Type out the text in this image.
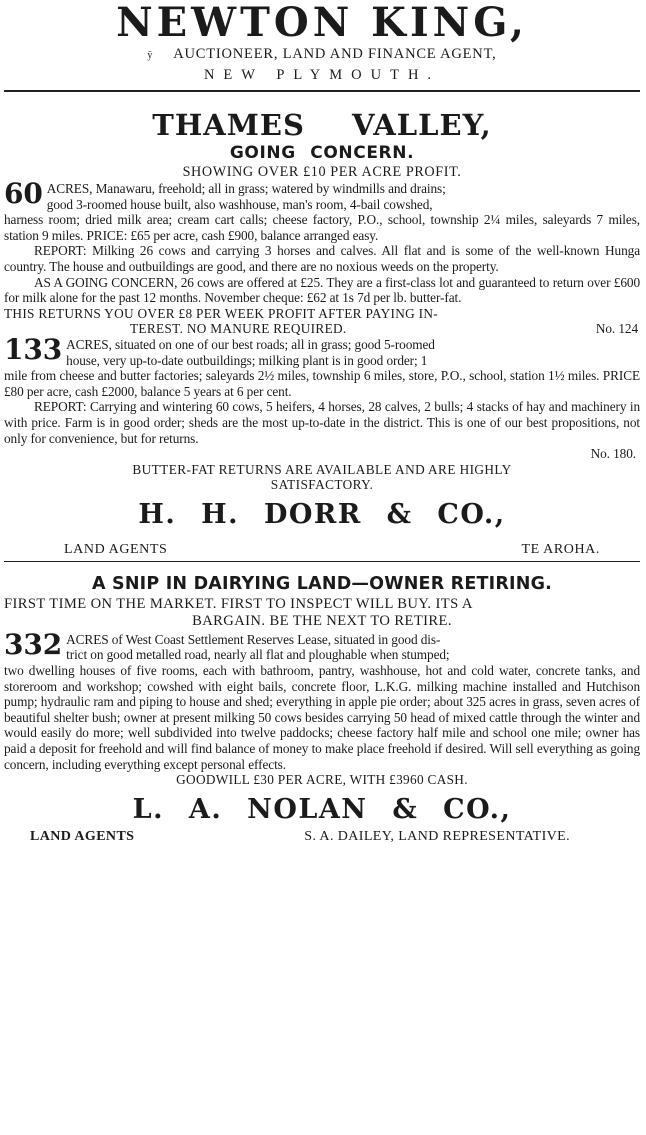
NEWTON KING,
ÿ AUCTIONEER, LAND AND FINANCE AGENT,
NEW PLYMOUTH.
THAMES VALLEY,
GOING CONCERN.
SHOWING OVER £10 PER ACRE PROFIT.
60 ACRES, Manawaru, freehold; all in grass; watered by windmills and drains;
good 3-roomed house built, also washhouse, man's room, 4-bail cowshed,
harness room; dried milk area; cream cart calls; cheese factory, P.O., school, township 2¼ miles, saleyards 7 miles, station 9 miles. PRICE: £65 per acre, cash £900, balance arranged easy.
REPORT: Milking 26 cows and carrying 3 horses and calves. All flat and is some of the well-known Hunga country. The house and outbuildings are good, and there are no noxious weeds on the property.
AS A GOING CONCERN, 26 cows are offered at £25. They are a first-class lot and guaranteed to return over £600 for milk alone for the past 12 months. November cheque: £62 at 1s 7d per lb. butter-fat.
THIS RETURNS YOU OVER £8 PER WEEK PROFIT AFTER PAYING IN-
TEREST. NO MANURE REQUIRED.	No. 124
133 ACRES, situated on one of our best roads; all in grass; good 5-roomed
house, very up-to-date outbuildings; milking plant is in good order; 1
mile from cheese and butter factories; saleyards 2½ miles, township 6 miles, store, P.O., school, station 1½ miles. PRICE £80 per acre, cash £2000, balance 5 years at 6 per cent.
REPORT: Carrying and wintering 60 cows, 5 heifers, 4 horses, 28 calves, 2 bulls; 4 stacks of hay and machinery in with price. Farm is in good order; sheds are the most up-to-date in the district. This is one of our best propositions, not only for convenience, but for returns.
No. 180.
BUTTER-FAT RETURNS ARE AVAILABLE AND ARE HIGHLY
SATISFACTORY.
H. H. DORR & CO.,
LAND AGENTS	TE AROHA.
A SNIP IN DAIRYING LAND—OWNER RETIRING.
FIRST TIME ON THE MARKET. FIRST TO INSPECT WILL BUY. ITS A
BARGAIN. BE THE NEXT TO RETIRE.
332 ACRES of West Coast Settlement Reserves Lease, situated in good dis-
trict on good metalled road, nearly all flat and ploughable when stumped;
two dwelling houses of five rooms, each with bathroom, pantry, washhouse, hot and cold water, concrete tanks, and storeroom and workshop; cowshed with eight bails, concrete floor, L.K.G. milking machine installed and Hutchison pump; hydraulic ram and piping to house and shed; everything in apple pie order; about 325 acres in grass, seven acres of beautiful shelter bush; owner at present milking 50 cows besides carrying 50 head of mixed cattle through the winter and would easily do more; well subdivided into twelve paddocks; cheese factory half mile and school one mile; owner has paid a deposit for freehold and will find balance of money to make place freehold if desired. Will sell everything as going concern, including everything except personal effects.
GOODWILL £30 PER ACRE, WITH £3960 CASH.
L. A. NOLAN & CO.,
LAND AGENTS	S. A. DAILEY, LAND REPRESENTATIVE.
